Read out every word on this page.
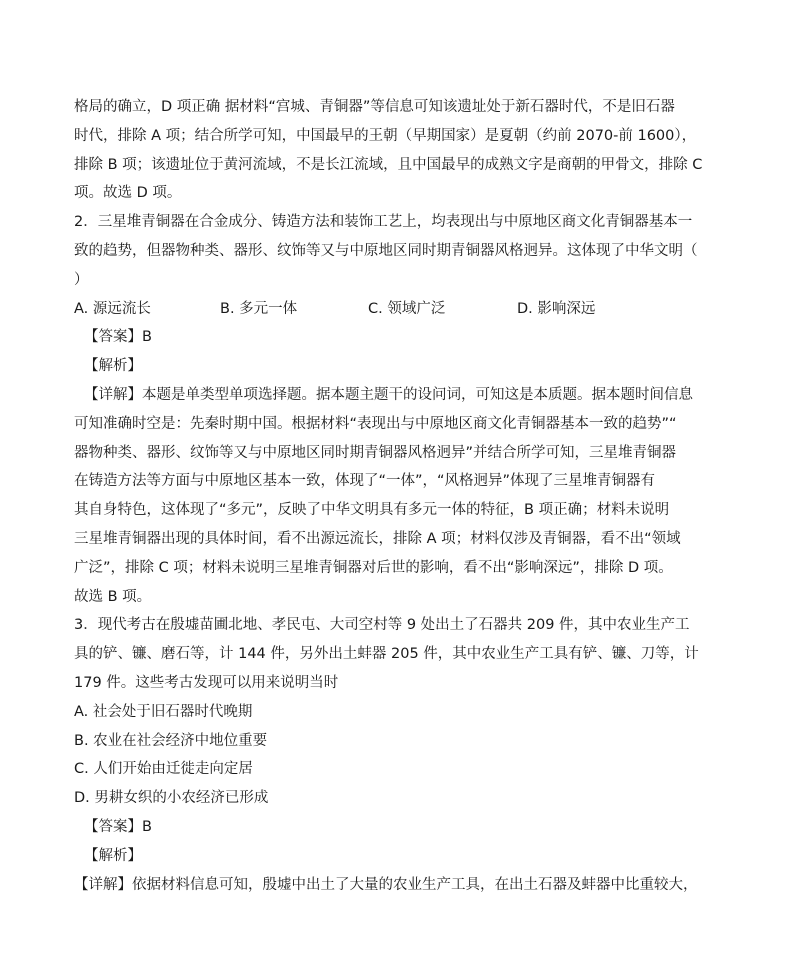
格局的确立，D 项正确 据材料“宫城、青铜器”等信息可知该遗址处于新石器时代，不是旧石器
时代，排除 A 项；结合所学可知，中国最早的王朝（早期国家）是夏朝（约前 2070-前 1600），
排除 B 项；该遗址位于黄河流域，不是长江流域，且中国最早的成熟文字是商朝的甲骨文，排除 C
项。故选 D 项。
2．三星堆青铜器在合金成分、铸造方法和装饰工艺上，均表现出与中原地区商文化青铜器基本一
致的趋势，但器物种类、器形、纹饰等又与中原地区同时期青铜器风格迥异。这体现了中华文明（
）
A. 源远流长	B. 多元一体	C. 领域广泛	D. 影响深远
【答案】B
【解析】
【详解】本题是单类型单项选择题。据本题主题干的设问词，可知这是本质题。据本题时间信息
可知准确时空是：先秦时期中国。根据材料“表现出与中原地区商文化青铜器基本一致的趋势”“
器物种类、器形、纹饰等又与中原地区同时期青铜器风格迥异”并结合所学可知，三星堆青铜器
在铸造方法等方面与中原地区基本一致，体现了“一体”，“风格迥异”体现了三星堆青铜器有
其自身特色，这体现了“多元”，反映了中华文明具有多元一体的特征，B 项正确；材料未说明
三星堆青铜器出现的具体时间，看不出源远流长，排除 A 项；材料仅涉及青铜器，看不出“领域
广泛”，排除 C 项；材料未说明三星堆青铜器对后世的影响，看不出“影响深远”，排除 D 项。
故选 B 项。
3．现代考古在殷墟苗圃北地、孝民屯、大司空村等 9 处出土了石器共 209 件，其中农业生产工
具的铲、镰、磨石等，计 144 件，另外出土蚌器 205 件，其中农业生产工具有铲、镰、刀等，计
179 件。这些考古发现可以用来说明当时
A. 社会处于旧石器时代晚期
B. 农业在社会经济中地位重要
C. 人们开始由迁徙走向定居
D. 男耕女织的小农经济已形成
【答案】B
【解析】
【详解】依据材料信息可知，殷墟中出土了大量的农业生产工具，在出土石器及蚌器中比重较大，
